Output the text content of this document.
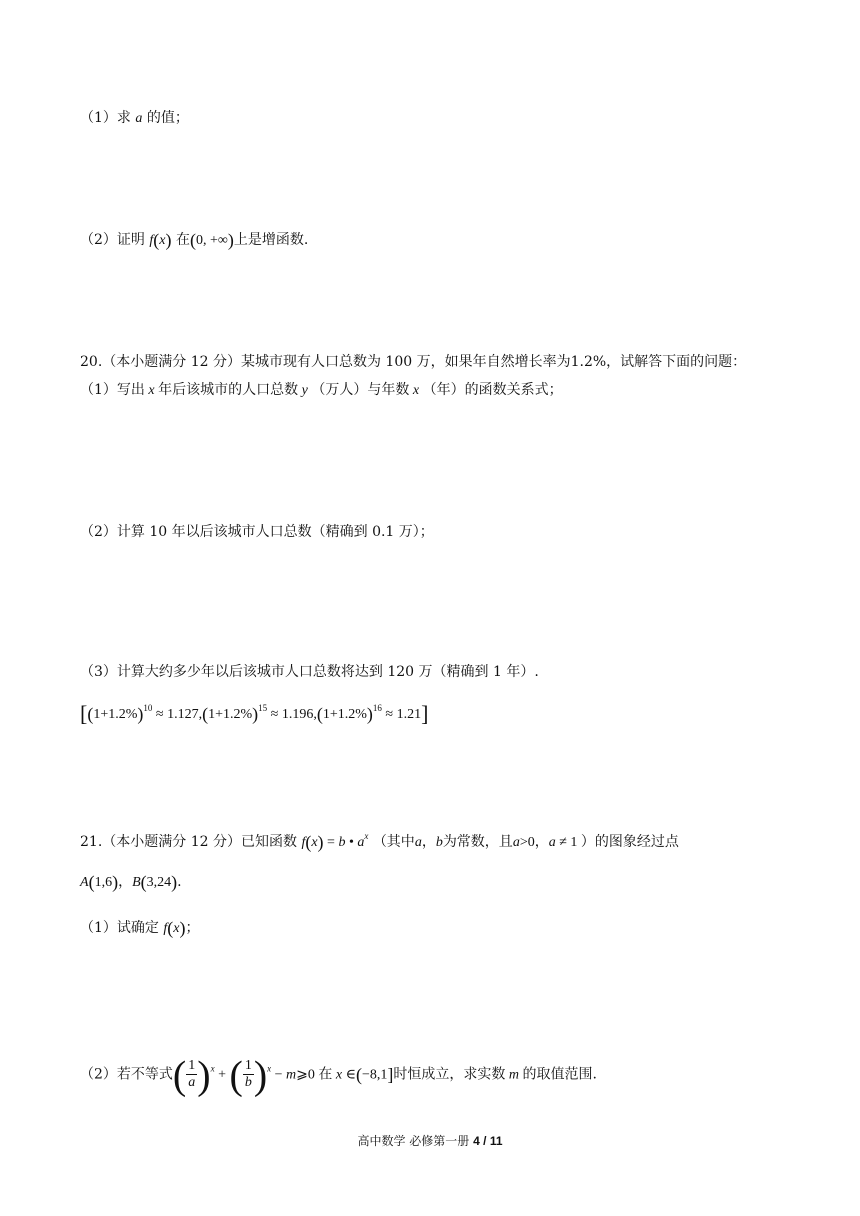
（1）求 a 的值；
（2）证明 f(x) 在(0, +∞)上是增函数.
20.（本小题满分 12 分）某城市现有人口总数为 100 万，如果年自然增长率为1.2%，试解答下面的问题：
（1）写出 x 年后该城市的人口总数 y （万人）与年数 x （年）的函数关系式；
（2）计算 10 年以后该城市人口总数（精确到 0.1 万）；
（3）计算大约多少年以后该城市人口总数将达到 120 万（精确到 1 年）.
$[(1+1.2\%)^{10} \approx 1.127,(1+1.2\%)^{15} \approx 1.196,(1+1.2\%)^{16} \approx 1.21]$
21.（本小题满分 12 分）已知函数 f(x) = b • $a^x$ （其中a，b为常数，且a>0，a ≠ 1 ）的图象经过点
A(1,6)，B(3,24).
（1）试确定 f(x)；
（2）若不等式( $\frac{1}{a} )^x$ + ( $\frac{1}{b} )^x$ − m⩾0 在 x ∈(−8,1]时恒成立，求实数 m 的取值范围.
高中数学 必修第一册 4 / 11
